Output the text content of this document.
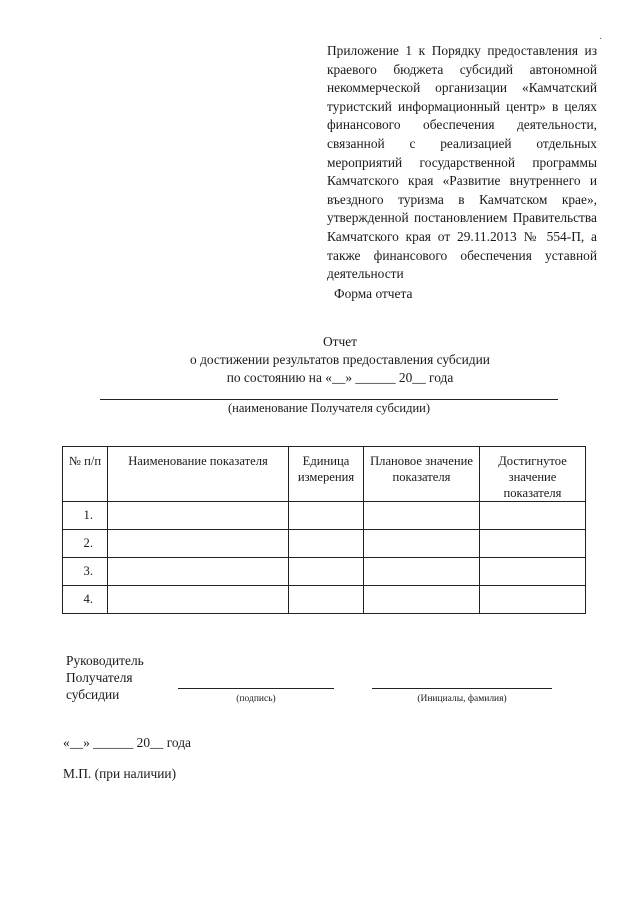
·
Приложение 1 к Порядку предоставления из краевого бюджета субсидий автономной некоммерческой организации «Камчатский туристский информационный центр» в целях финансового обеспечения деятельности, связанной с реализацией отдельных мероприятий государственной программы Камчатского края «Развитие внутреннего и въездного туризма в Камчатском крае», утвержденной постановлением Правительства Камчатского края от 29.11.2013 № 554-П, а также финансового обеспечения уставной деятельности
Форма отчета
Отчет
о достижении результатов предоставления субсидии
по состоянию на «__» ______ 20__ года
(наименование Получателя субсидии)
№ п/п	Наименование показателя	Единица измерения	Плановое значение показателя	Достигнутое значение показателя
1.				
2.				
3.				
4.				
Руководитель
Получателя
субсидии	(подпись)	(Инициалы, фамилия)
«__» ______ 20__ года
М.П. (при наличии)
